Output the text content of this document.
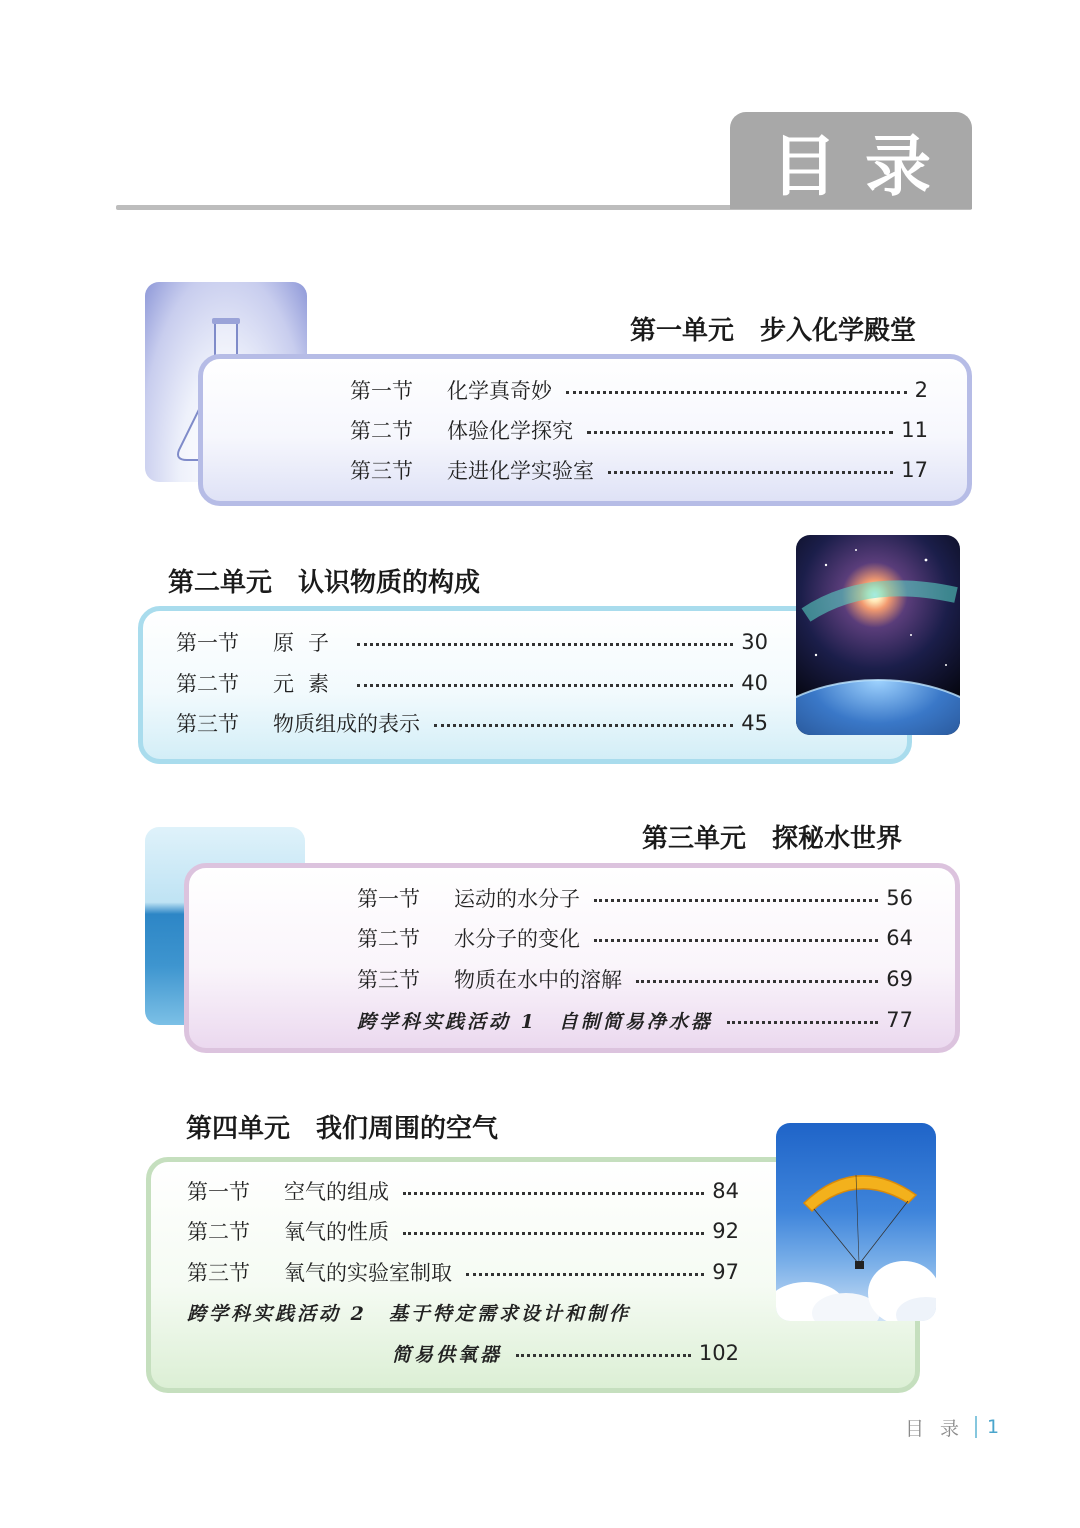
目录
第一单元　步入化学殿堂
第一节	化学真奇妙	2
第二节	体验化学探究	11
第三节	走进化学实验室	17
第二单元　认识物质的构成
第一节	原子	30
第二节	元素	40
第三节	物质组成的表示	45
第三单元　探秘水世界
第一节	运动的水分子	56
第二节	水分子的变化	64
第三节	物质在水中的溶解	69
跨学科实践活动 1　自制简易净水器	77
第四单元　我们周围的空气
第一节	空气的组成	84
第二节	氧气的性质	92
第三节	氧气的实验室制取	97
跨学科实践活动 2　基于特定需求设计和制作
简易供氧器	102
目录 1
